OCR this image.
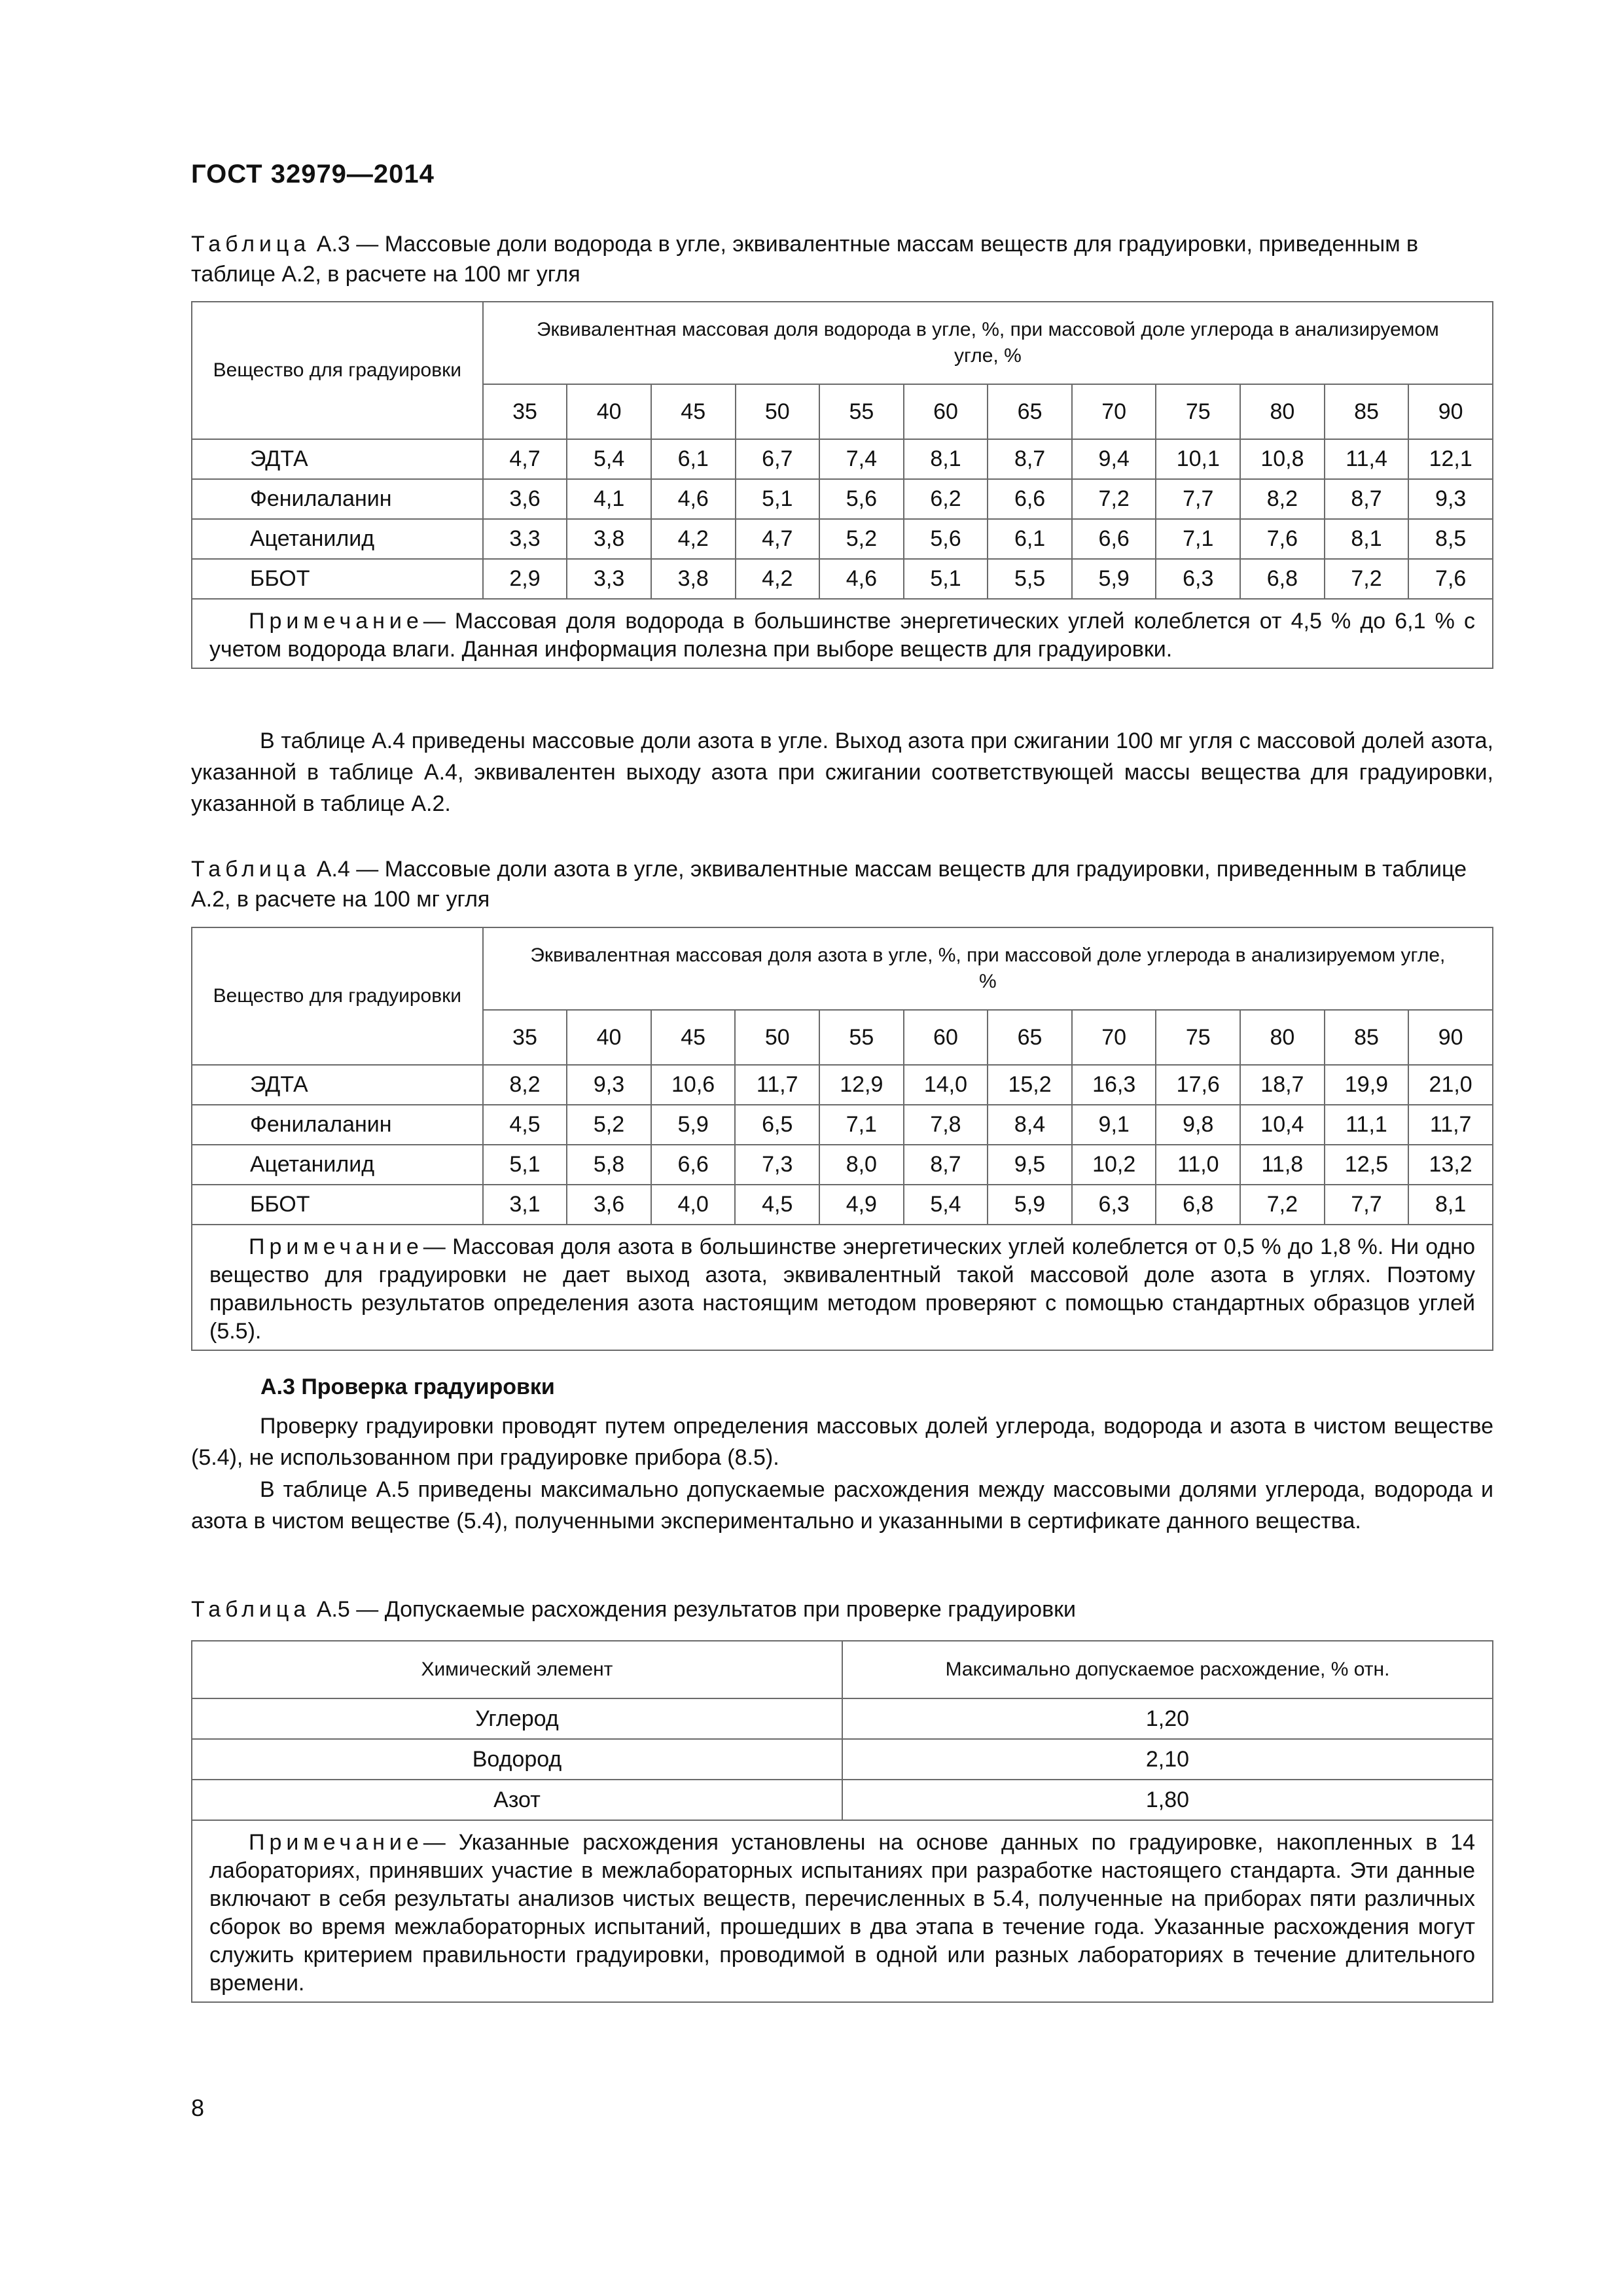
ГОСТ 32979—2014
Таблица А.3 — Массовые доли водорода в угле, эквивалентные массам веществ для градуировки, приведенным в таблице А.2, в расчете на 100 мг угля
Вещество для градуировки	Эквивалентная массовая доля водорода в угле, %, при массовой доле углерода в анализируемом угле, %											
	35	40	45	50	55	60	65	70	75	80	85	90
ЭДТА	4,7	5,4	6,1	6,7	7,4	8,1	8,7	9,4	10,1	10,8	11,4	12,1
Фенилаланин	3,6	4,1	4,6	5,1	5,6	6,2	6,6	7,2	7,7	8,2	8,7	9,3
Ацетанилид	3,3	3,8	4,2	4,7	5,2	5,6	6,1	6,6	7,1	7,6	8,1	8,5
ББОТ	2,9	3,3	3,8	4,2	4,6	5,1	5,5	5,9	6,3	6,8	7,2	7,6
Примечание— Массовая доля водорода в большинстве энергетических углей колеблется от 4,5 % до 6,1 % с учетом водорода влаги. Данная информация полезна при выборе веществ для градуировки.												
В таблице А.4 приведены массовые доли азота в угле. Выход азота при сжигании 100 мг угля с массовой долей азота, указанной в таблице А.4, эквивалентен выходу азота при сжигании соответствующей массы вещества для градуировки, указанной в таблице А.2.
Таблица А.4 — Массовые доли азота в угле, эквивалентные массам веществ для градуировки, приведенным в таблице А.2, в расчете на 100 мг угля
Вещество для градуировки	Эквивалентная массовая доля азота в угле, %, при массовой доле углерода в анализируемом угле, %											
	35	40	45	50	55	60	65	70	75	80	85	90
ЭДТА	8,2	9,3	10,6	11,7	12,9	14,0	15,2	16,3	17,6	18,7	19,9	21,0
Фенилаланин	4,5	5,2	5,9	6,5	7,1	7,8	8,4	9,1	9,8	10,4	11,1	11,7
Ацетанилид	5,1	5,8	6,6	7,3	8,0	8,7	9,5	10,2	11,0	11,8	12,5	13,2
ББОТ	3,1	3,6	4,0	4,5	4,9	5,4	5,9	6,3	6,8	7,2	7,7	8,1
Примечание— Массовая доля азота в большинстве энергетических углей колеблется от 0,5 % до 1,8 %. Ни одно вещество для градуировки не дает выход азота, эквивалентный такой массовой доле азота в углях. Поэтому правильность результатов определения азота настоящим методом проверяют с помощью стандартных образцов углей (5.5).												
А.3 Проверка градуировки
Проверку градуировки проводят путем определения массовых долей углерода, водорода и азота в чистом веществе (5.4), не использованном при градуировке прибора (8.5).
В таблице А.5 приведены максимально допускаемые расхождения между массовыми долями углерода, водорода и азота в чистом веществе (5.4), полученными экспериментально и указанными в сертификате данного вещества.
Таблица А.5 — Допускаемые расхождения результатов при проверке градуировки
Химический элемент	Максимально допускаемое расхождение, % отн.
Углерод	1,20
Водород	2,10
Азот	1,80
Примечание— Указанные расхождения установлены на основе данных по градуировке, накопленных в 14 лабораториях, принявших участие в межлабораторных испытаниях при разработке настоящего стандарта. Эти данные включают в себя результаты анализов чистых веществ, перечисленных в 5.4, полученные на приборах пяти различных сборок во время межлабораторных испытаний, прошедших в два этапа в течение года. Указанные расхождения могут служить критерием правильности градуировки, проводимой в одной или разных лабораториях в течение длительного времени.	
8
